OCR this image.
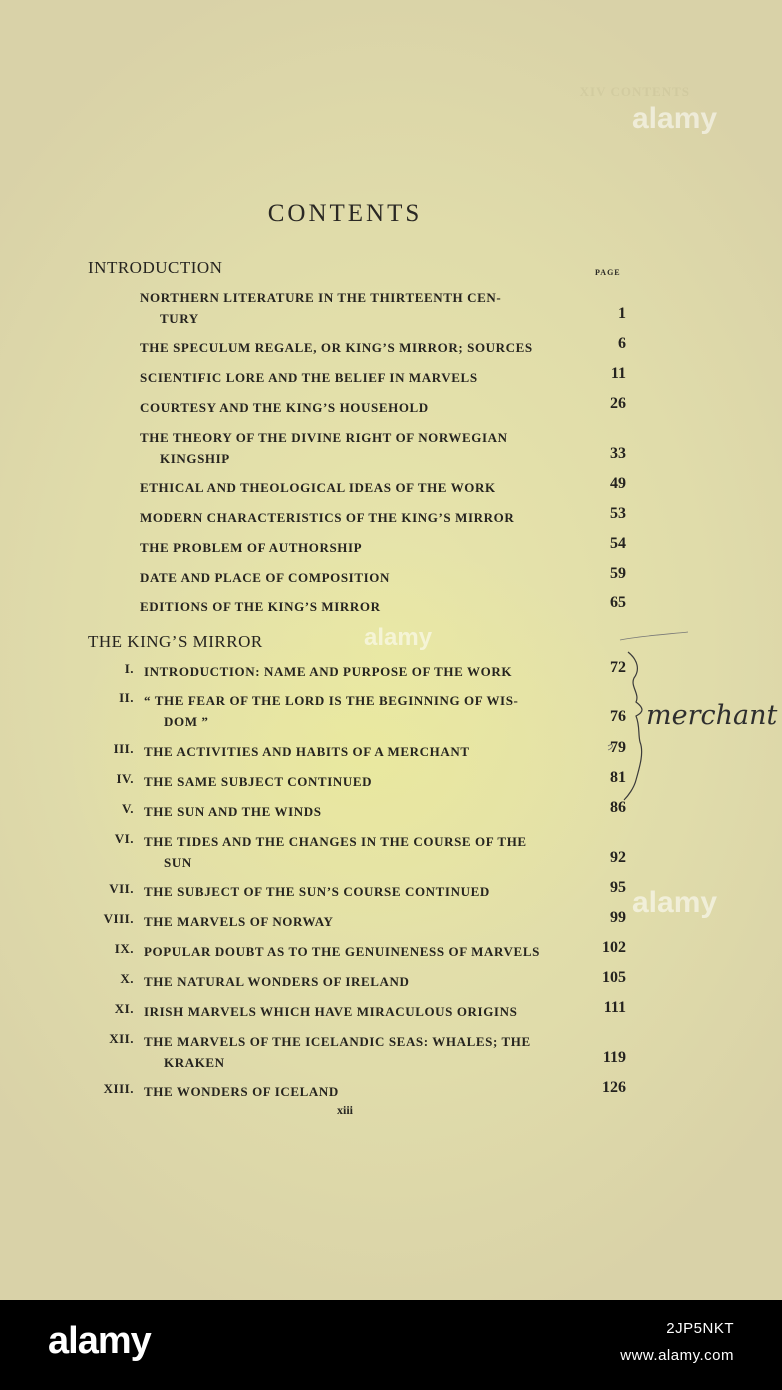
XIV CONTENTS
CONTENTS
INTRODUCTION	PAGE
NORTHERN LITERATURE IN THE THIRTEENTH CEN-
TURY	1
THE SPECULUM REGALE, OR KING’S MIRROR; SOURCES	6
SCIENTIFIC LORE AND THE BELIEF IN MARVELS	11
COURTESY AND THE KING’S HOUSEHOLD	26
THE THEORY OF THE DIVINE RIGHT OF NORWEGIAN
KINGSHIP	33
ETHICAL AND THEOLOGICAL IDEAS OF THE WORK	49
MODERN CHARACTERISTICS OF THE KING’S MIRROR	53
THE PROBLEM OF AUTHORSHIP	54
DATE AND PLACE OF COMPOSITION	59
EDITIONS OF THE KING’S MIRROR	65
THE KING’S MIRROR
I. INTRODUCTION: NAME AND PURPOSE OF THE WORK	72
II. “ THE FEAR OF THE LORD IS THE BEGINNING OF WIS-
DOM ”	76
III. THE ACTIVITIES AND HABITS OF A MERCHANT	79
IV. THE SAME SUBJECT CONTINUED	81
V. THE SUN AND THE WINDS	86
VI. THE TIDES AND THE CHANGES IN THE COURSE OF THE
SUN	92
VII. THE SUBJECT OF THE SUN’S COURSE CONTINUED	95
VIII. THE MARVELS OF NORWAY	99
IX. POPULAR DOUBT AS TO THE GENUINENESS OF MARVELS	102
X. THE NATURAL WONDERS OF IRELAND	105
XI. IRISH MARVELS WHICH HAVE MIRACULOUS ORIGINS	111
XII. THE MARVELS OF THE ICELANDIC SEAS: WHALES; THE
KRAKEN	119
XIII. THE WONDERS OF ICELAND	126
xiii
merchant
alamy
alamy
alamy
alamy	2JP5NKT
www.alamy.com
